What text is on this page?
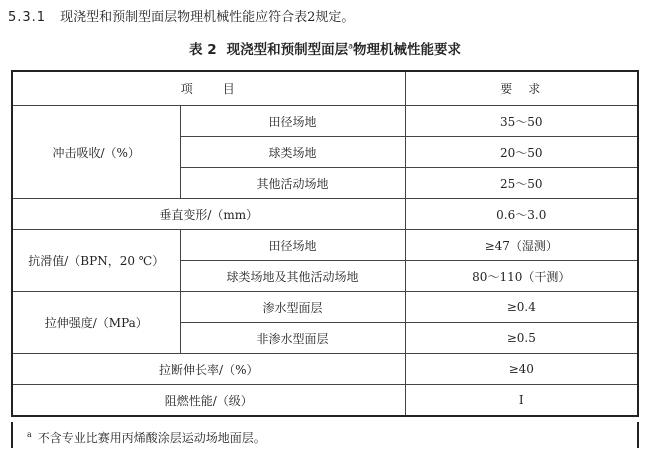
5.3.1 现浇型和预制型面层物理机械性能应符合表2规定。
表 2 现浇型和预制型面层$^a$物理机械性能要求
项　　目		要　求
冲击吸收/（%）	田径场地	35～50
	球类场地	20～50
	其他活动场地	25～50
垂直变形/（mm）		0.6～3.0
抗滑值/（BPN，20 ℃）	田径场地	≥47（湿测）
	球类场地及其他活动场地	80～110（干测）
拉伸强度/（MPa）	渗水型面层	≥0.4
	非渗水型面层	≥0.5
拉断伸长率/（%）		≥40
阻燃性能/（级）		I
$^a$ 不含专业比赛用丙烯酸涂层运动场地面层。
